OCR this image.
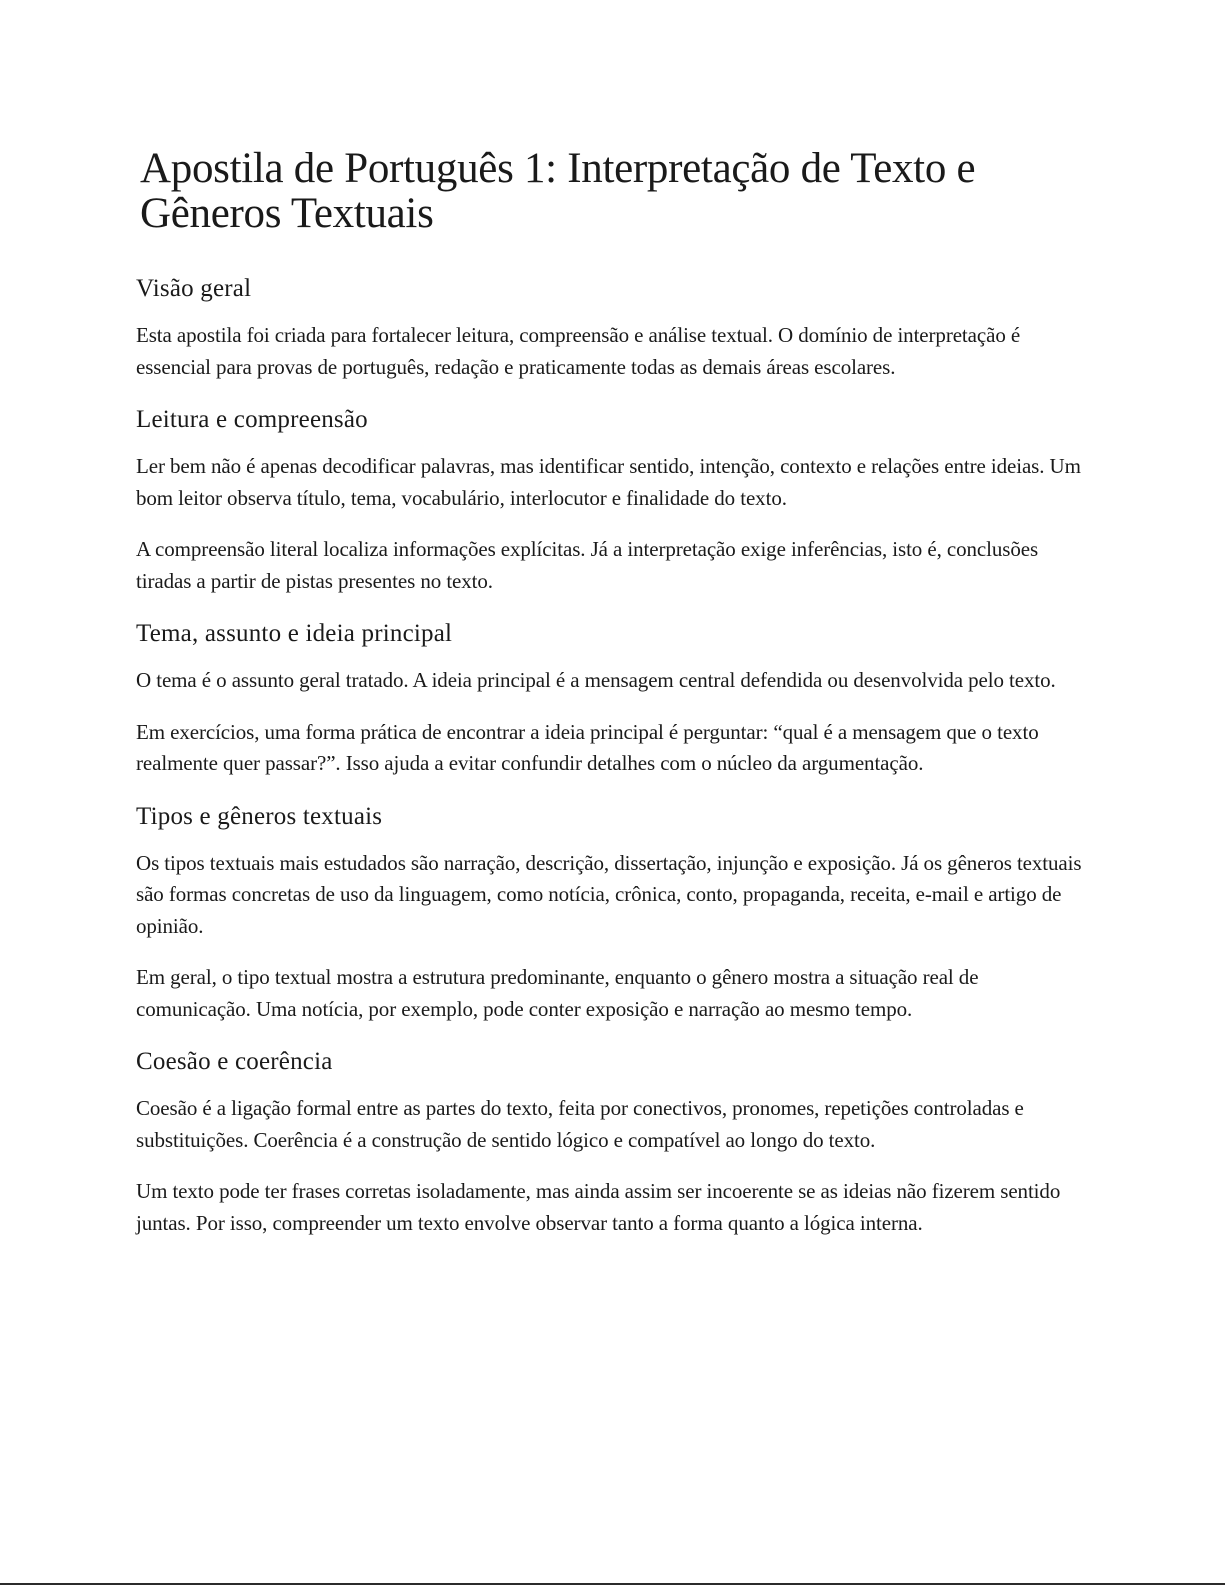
Apostila de Português 1: Interpretação de Texto e Gêneros Textuais
Visão geral

Esta apostila foi criada para fortalecer leitura, compreensão e análise textual. O domínio de interpretação é essencial para provas de português, redação e praticamente todas as demais áreas escolares.

Leitura e compreensão

Ler bem não é apenas decodificar palavras, mas identificar sentido, intenção, contexto e relações entre ideias. Um bom leitor observa título, tema, vocabulário, interlocutor e finalidade do texto.

A compreensão literal localiza informações explícitas. Já a interpretação exige inferências, isto é, conclusões tiradas a partir de pistas presentes no texto.

Tema, assunto e ideia principal

O tema é o assunto geral tratado. A ideia principal é a mensagem central defendida ou desenvolvida pelo texto.

Em exercícios, uma forma prática de encontrar a ideia principal é perguntar: “qual é a mensagem que o texto realmente quer passar?”. Isso ajuda a evitar confundir detalhes com o núcleo da argumentação.

Tipos e gêneros textuais

Os tipos textuais mais estudados são narração, descrição, dissertação, injunção e exposição. Já os gêneros textuais são formas concretas de uso da linguagem, como notícia, crônica, conto, propaganda, receita, e-mail e artigo de opinião.

Em geral, o tipo textual mostra a estrutura predominante, enquanto o gênero mostra a situação real de comunicação. Uma notícia, por exemplo, pode conter exposição e narração ao mesmo tempo.

Coesão e coerência

Coesão é a ligação formal entre as partes do texto, feita por conectivos, pronomes, repetições controladas e substituições. Coerência é a construção de sentido lógico e compatível ao longo do texto.

Um texto pode ter frases corretas isoladamente, mas ainda assim ser incoerente se as ideias não fizerem sentido juntas. Por isso, compreender um texto envolve observar tanto a forma quanto a lógica interna.
